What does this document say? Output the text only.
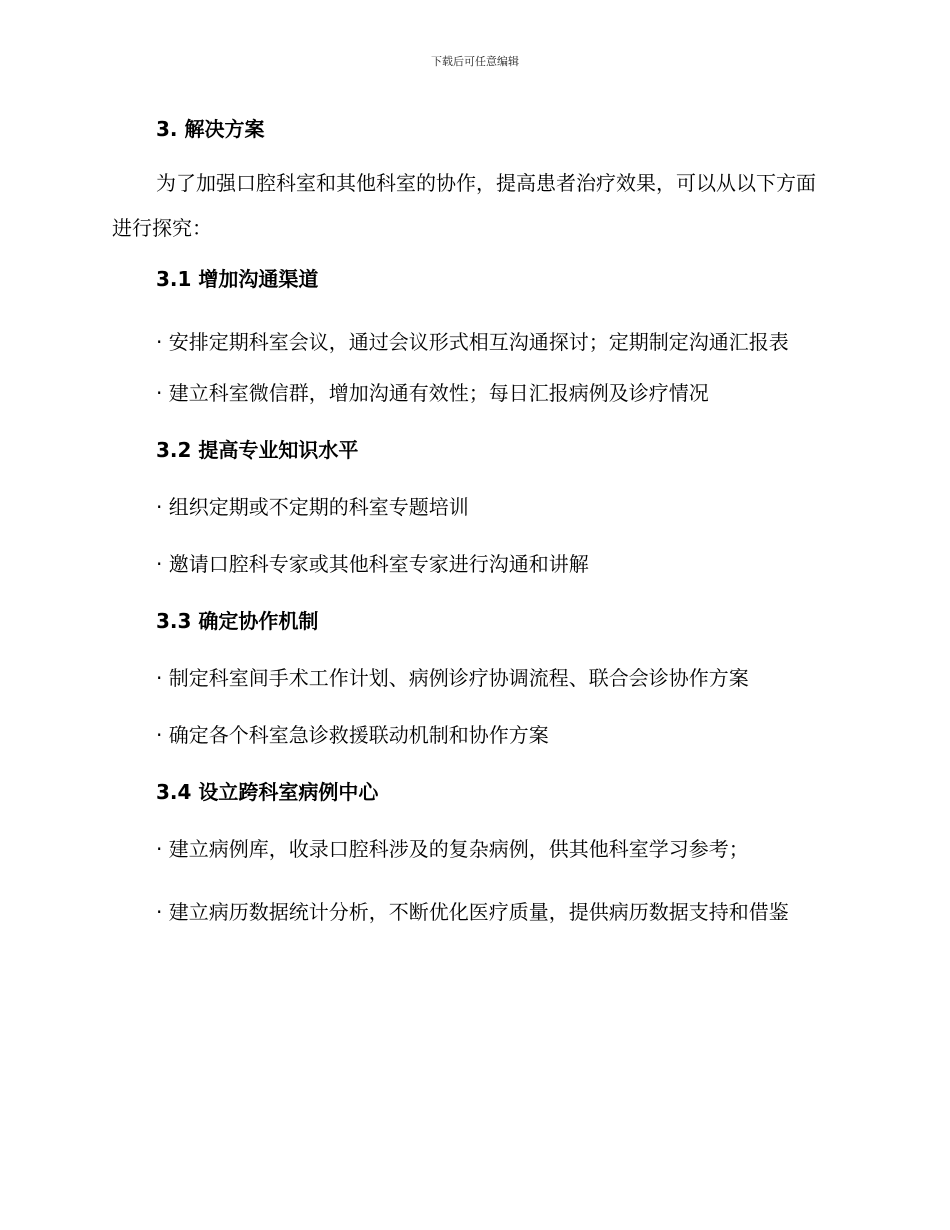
下载后可任意编辑
3. 解决方案
为了加强口腔科室和其他科室的协作，提高患者治疗效果，可以从以下方面进行探究：
3.1 增加沟通渠道
· 安排定期科室会议，通过会议形式相互沟通探讨；定期制定沟通汇报表
· 建立科室微信群，增加沟通有效性；每日汇报病例及诊疗情况
3.2 提高专业知识水平
· 组织定期或不定期的科室专题培训
· 邀请口腔科专家或其他科室专家进行沟通和讲解
3.3 确定协作机制
· 制定科室间手术工作计划、病例诊疗协调流程、联合会诊协作方案
· 确定各个科室急诊救援联动机制和协作方案
3.4 设立跨科室病例中心
· 建立病例库，收录口腔科涉及的复杂病例，供其他科室学习参考；
· 建立病历数据统计分析，不断优化医疗质量，提供病历数据支持和借鉴
